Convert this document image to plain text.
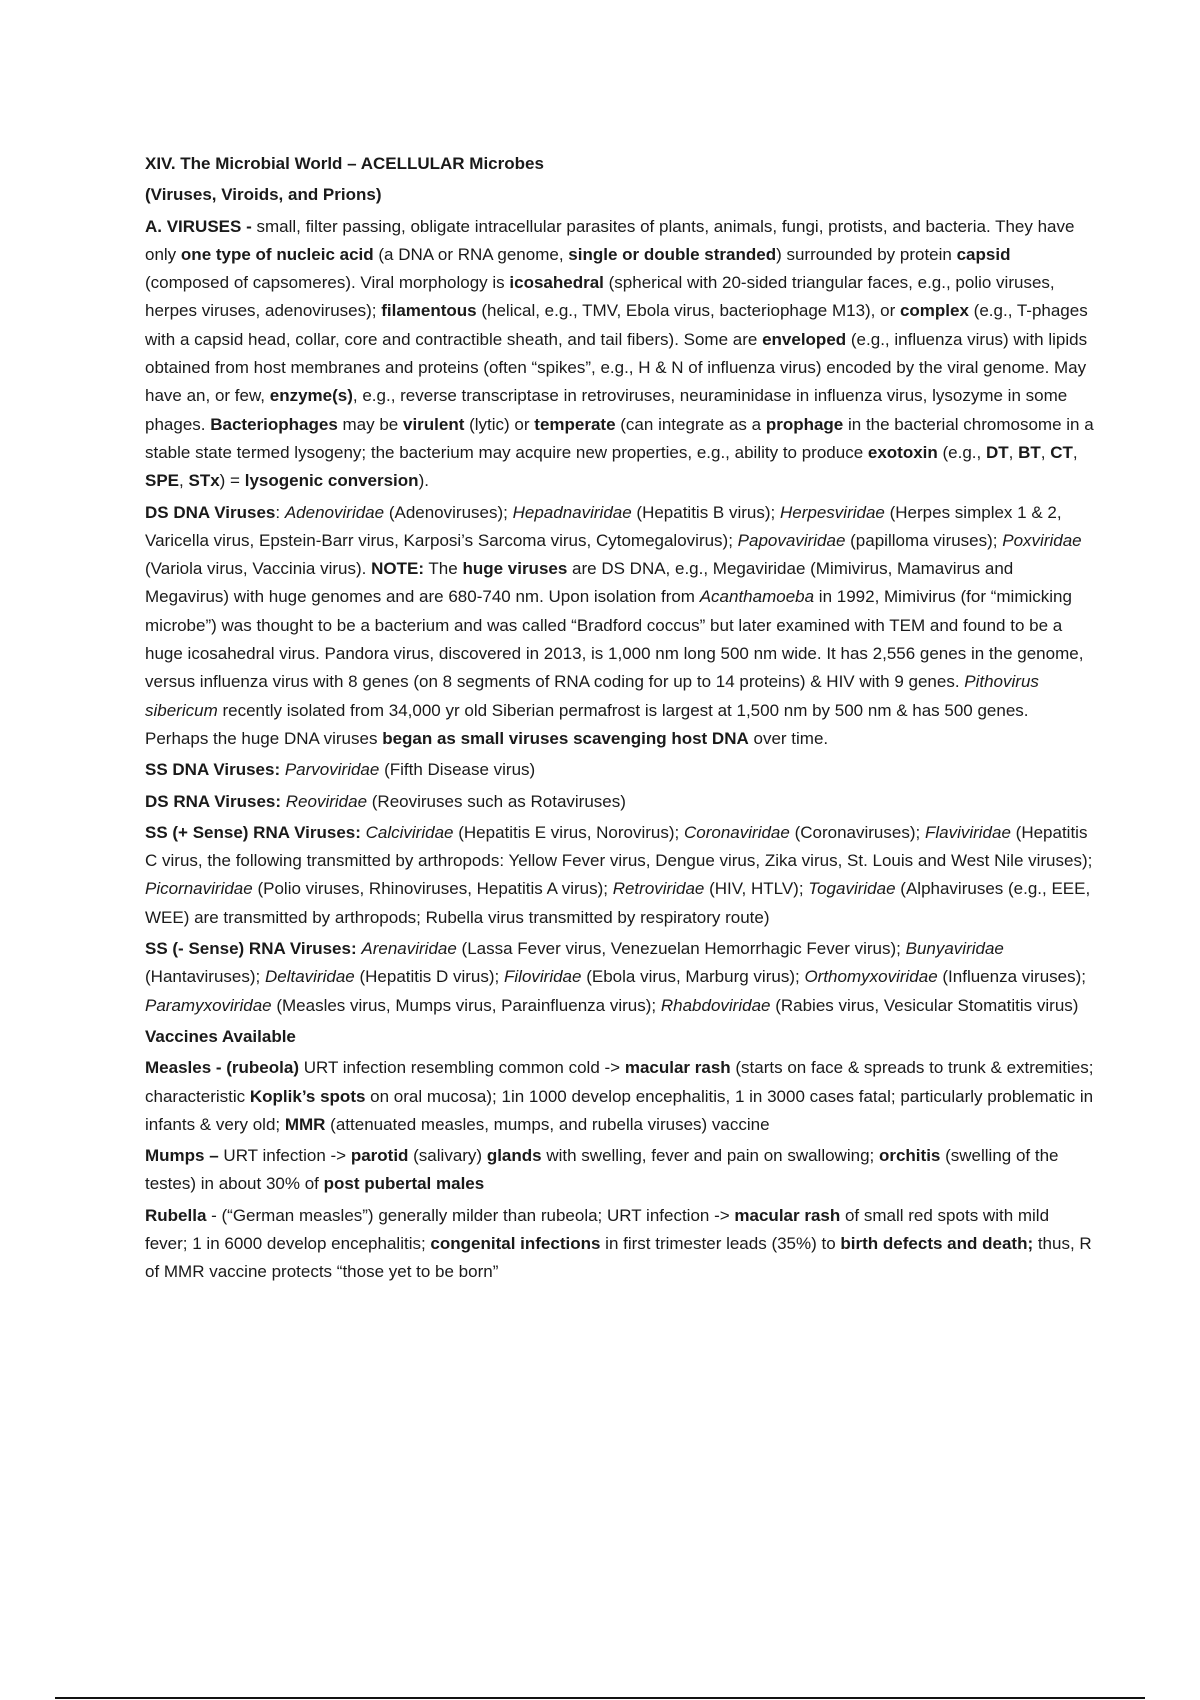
XIV. The Microbial World – ACELLULAR Microbes

(Viruses, Viroids, and Prions)

A. VIRUSES - small, filter passing, obligate intracellular parasites of plants, animals, fungi, protists, and bacteria. They have only one type of nucleic acid (a DNA or RNA genome, single or double stranded) surrounded by protein capsid (composed of capsomeres). Viral morphology is icosahedral (spherical with 20-sided triangular faces, e.g., polio viruses, herpes viruses, adenoviruses); filamentous (helical, e.g., TMV, Ebola virus, bacteriophage M13), or complex (e.g., T-phages with a capsid head, collar, core and contractible sheath, and tail fibers). Some are enveloped (e.g., influenza virus) with lipids obtained from host membranes and proteins (often “spikes”, e.g., H & N of influenza virus) encoded by the viral genome. May have an, or few, enzyme(s), e.g., reverse transcriptase in retroviruses, neuraminidase in influenza virus, lysozyme in some phages. Bacteriophages may be virulent (lytic) or temperate (can integrate as a prophage in the bacterial chromosome in a stable state termed lysogeny; the bacterium may acquire new properties, e.g., ability to produce exotoxin (e.g., DT, BT, CT, SPE, STx) = lysogenic conversion).

DS DNA Viruses: Adenoviridae (Adenoviruses); Hepadnaviridae (Hepatitis B virus); Herpesviridae (Herpes simplex 1 & 2, Varicella virus, Epstein-Barr virus, Karposi’s Sarcoma virus, Cytomegalovirus); Papovaviridae (papilloma viruses); Poxviridae (Variola virus, Vaccinia virus). NOTE: The huge viruses are DS DNA, e.g., Megaviridae (Mimivirus, Mamavirus and Megavirus) with huge genomes and are 680-740 nm. Upon isolation from Acanthamoeba in 1992, Mimivirus (for “mimicking microbe”) was thought to be a bacterium and was called “Bradford coccus” but later examined with TEM and found to be a huge icosahedral virus. Pandora virus, discovered in 2013, is 1,000 nm long 500 nm wide. It has 2,556 genes in the genome, versus influenza virus with 8 genes (on 8 segments of RNA coding for up to 14 proteins) & HIV with 9 genes. Pithovirus sibericum recently isolated from 34,000 yr old Siberian permafrost is largest at 1,500 nm by 500 nm & has 500 genes. Perhaps the huge DNA viruses began as small viruses scavenging host DNA over time.

SS DNA Viruses: Parvoviridae (Fifth Disease virus)

DS RNA Viruses: Reoviridae (Reoviruses such as Rotaviruses)

SS (+ Sense) RNA Viruses: Calciviridae (Hepatitis E virus, Norovirus); Coronaviridae (Coronaviruses); Flaviviridae (Hepatitis C virus, the following transmitted by arthropods: Yellow Fever virus, Dengue virus, Zika virus, St. Louis and West Nile viruses); Picornaviridae (Polio viruses, Rhinoviruses, Hepatitis A virus); Retroviridae (HIV, HTLV); Togaviridae (Alphaviruses (e.g., EEE, WEE) are transmitted by arthropods; Rubella virus transmitted by respiratory route)

SS (- Sense) RNA Viruses: Arenaviridae (Lassa Fever virus, Venezuelan Hemorrhagic Fever virus); Bunyaviridae (Hantaviruses); Deltaviridae (Hepatitis D virus); Filoviridae (Ebola virus, Marburg virus); Orthomyxoviridae (Influenza viruses); Paramyxoviridae (Measles virus, Mumps virus, Parainfluenza virus); Rhabdoviridae (Rabies virus, Vesicular Stomatitis virus)

Vaccines Available

Measles - (rubeola) URT infection resembling common cold -> macular rash (starts on face & spreads to trunk & extremities; characteristic Koplik’s spots on oral mucosa); 1in 1000 develop encephalitis, 1 in 3000 cases fatal; particularly problematic in infants & very old; MMR (attenuated measles, mumps, and rubella viruses) vaccine

Mumps – URT infection -> parotid (salivary) glands with swelling, fever and pain on swallowing; orchitis (swelling of the testes) in about 30% of post pubertal males

Rubella - (“German measles”) generally milder than rubeola; URT infection -> macular rash of small red spots with mild fever; 1 in 6000 develop encephalitis; congenital infections in first trimester leads (35%) to birth defects and death; thus, R of MMR vaccine protects “those yet to be born”
